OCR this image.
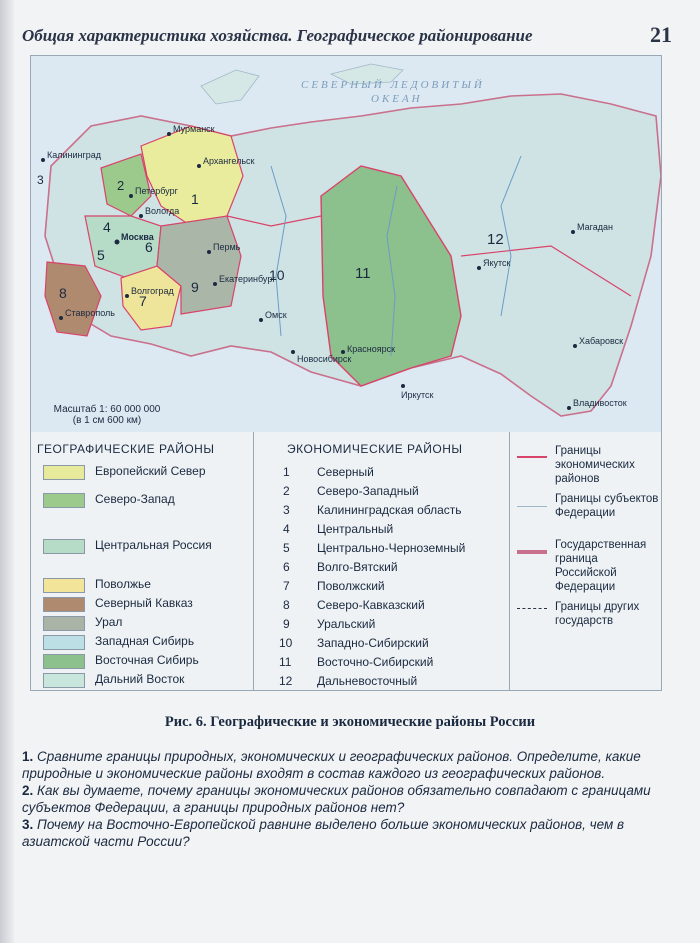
Общая характеристика хозяйства. Географическое районирование	21
СЕВЕРНЫЙ ЛЕДОВИТЫЙ
ОКЕАН
1
2
3
4
5	6
7
8	9
10	11
12
Мурманск
Архангельск
Петербург
Москва
Вологда
Пермь
Екатеринбург
Омск
Новосибирск
Красноярск
Иркутск
Якутск
Магадан
Хабаровск
Владивосток
Волгоград
Ставрополь
Калининград
Масштаб 1: 60 000 000
(в 1 см 600 км)
ГЕОГРАФИЧЕСКИЕ РАЙОНЫ
Европейский Север
Северо-Запад
Центральная Россия
Поволжье
Северный Кавказ
Урал
Западная Сибирь
Восточная Сибирь
Дальний Восток
ЭКОНОМИЧЕСКИЕ РАЙОНЫ
1 Северный
2 Северо-Западный
3 Калининградская область
4 Центральный
5 Центрально-Черноземный
6 Волго-Вятский
7 Поволжский
8 Северо-Кавказский
9 Уральский
10 Западно-Сибирский
11 Восточно-Сибирский
12 Дальневосточный
Границы экономических районов
Границы субъектов Федерации
Государственная граница Российской Федерации
Границы других государств
Рис. 6. Географические и экономические районы России

1. Сравните границы природных, экономических и географических районов. Определите, какие природные и экономические районы входят в состав каждого из географических районов.

2. Как вы думаете, почему границы экономических районов обязательно совпадают с границами субъектов Федерации, а границы природных районов нет?

3. Почему на Восточно-Европейской равнине выделено больше экономических районов, чем в азиатской части России?
